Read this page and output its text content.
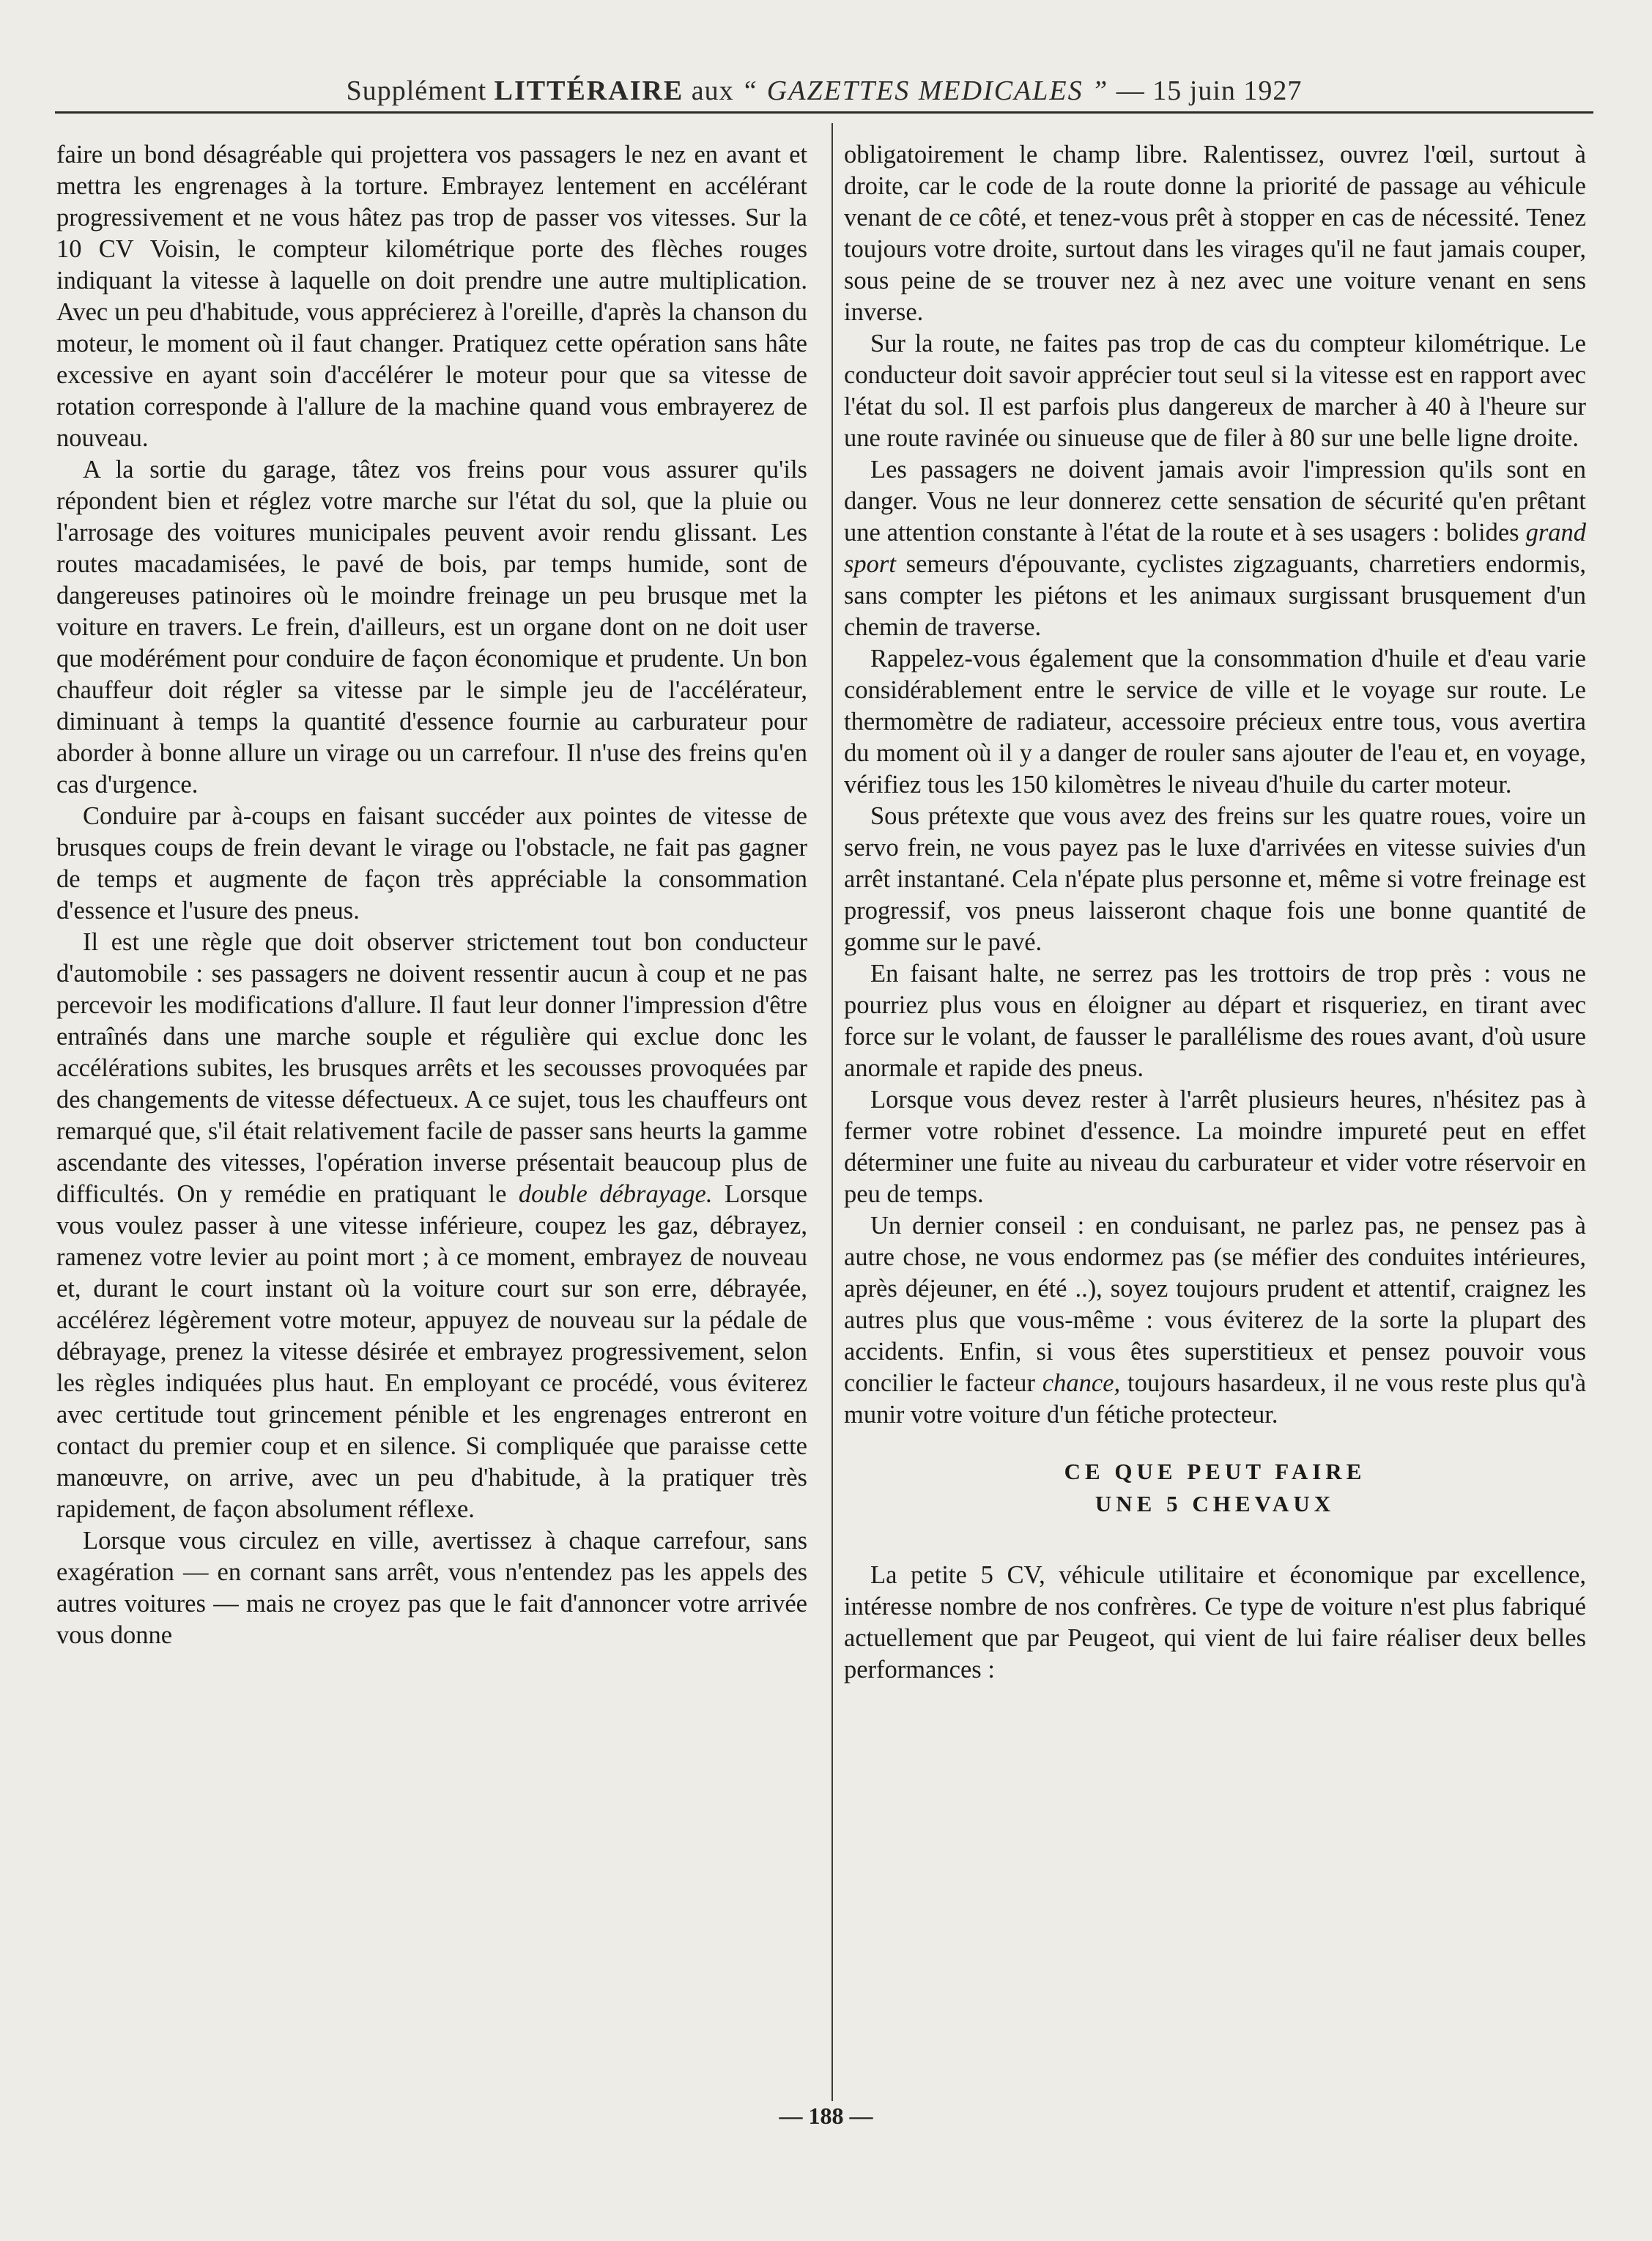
Supplément LITTÉRAIRE aux “ GAZETTES MEDICALES ” — 15 juin 1927

faire un bond désagréable qui projettera vos passagers le nez en avant et mettra les engrenages à la torture. Embrayez lentement en accélérant progressivement et ne vous hâtez pas trop de passer vos vitesses. Sur la 10 CV Voisin, le compteur kilométrique porte des flèches rouges indiquant la vitesse à laquelle on doit prendre une autre multiplication. Avec un peu d'habitude, vous apprécierez à l'oreille, d'après la chanson du moteur, le moment où il faut changer. Pratiquez cette opération sans hâte excessive en ayant soin d'accélérer le moteur pour que sa vitesse de rotation corresponde à l'allure de la machine quand vous embrayerez de nouveau.

A la sortie du garage, tâtez vos freins pour vous assurer qu'ils répondent bien et réglez votre marche sur l'état du sol, que la pluie ou l'arrosage des voitures municipales peuvent avoir rendu glissant. Les routes macadamisées, le pavé de bois, par temps humide, sont de dangereuses patinoires où le moindre freinage un peu brusque met la voiture en travers. Le frein, d'ailleurs, est un organe dont on ne doit user que modérément pour conduire de façon économique et prudente. Un bon chauffeur doit régler sa vitesse par le simple jeu de l'accélérateur, diminuant à temps la quantité d'essence fournie au carburateur pour aborder à bonne allure un virage ou un carrefour. Il n'use des freins qu'en cas d'urgence.

Conduire par à-coups en faisant succéder aux pointes de vitesse de brusques coups de frein devant le virage ou l'obstacle, ne fait pas gagner de temps et augmente de façon très appréciable la consommation d'essence et l'usure des pneus.

Il est une règle que doit observer strictement tout bon conducteur d'automobile : ses passagers ne doivent ressentir aucun à coup et ne pas percevoir les modifications d'allure. Il faut leur donner l'impression d'être entraînés dans une marche souple et régulière qui exclue donc les accélérations subites, les brusques arrêts et les secousses provoquées par des changements de vitesse défectueux. A ce sujet, tous les chauffeurs ont remarqué que, s'il était relativement facile de passer sans heurts la gamme ascendante des vitesses, l'opération inverse présentait beaucoup plus de difficultés. On y remédie en pratiquant le double débrayage. Lorsque vous voulez passer à une vitesse inférieure, coupez les gaz, débrayez, ramenez votre levier au point mort ; à ce moment, embrayez de nouveau et, durant le court instant où la voiture court sur son erre, débrayée, accélérez légèrement votre moteur, appuyez de nouveau sur la pédale de débrayage, prenez la vitesse désirée et embrayez progressivement, selon les règles indiquées plus haut. En employant ce procédé, vous éviterez avec certitude tout grincement pénible et les engrenages entreront en contact du premier coup et en silence. Si compliquée que paraisse cette manœuvre, on arrive, avec un peu d'habitude, à la pratiquer très rapidement, de façon absolument réflexe.

Lorsque vous circulez en ville, avertissez à chaque carrefour, sans exagération — en cornant sans arrêt, vous n'entendez pas les appels des autres voitures — mais ne croyez pas que le fait d'annoncer votre arrivée vous donne

obligatoirement le champ libre. Ralentissez, ouvrez l'œil, surtout à droite, car le code de la route donne la priorité de passage au véhicule venant de ce côté, et tenez-vous prêt à stopper en cas de nécessité. Tenez toujours votre droite, surtout dans les virages qu'il ne faut jamais couper, sous peine de se trouver nez à nez avec une voiture venant en sens inverse.

Sur la route, ne faites pas trop de cas du compteur kilométrique. Le conducteur doit savoir apprécier tout seul si la vitesse est en rapport avec l'état du sol. Il est parfois plus dangereux de marcher à 40 à l'heure sur une route ravinée ou sinueuse que de filer à 80 sur une belle ligne droite.

Les passagers ne doivent jamais avoir l'impression qu'ils sont en danger. Vous ne leur donnerez cette sensation de sécurité qu'en prêtant une attention constante à l'état de la route et à ses usagers : bolides grand sport semeurs d'épouvante, cyclistes zigzaguants, charretiers endormis, sans compter les piétons et les animaux surgissant brusquement d'un chemin de traverse.

Rappelez-vous également que la consommation d'huile et d'eau varie considérablement entre le service de ville et le voyage sur route. Le thermomètre de radiateur, accessoire précieux entre tous, vous avertira du moment où il y a danger de rouler sans ajouter de l'eau et, en voyage, vérifiez tous les 150 kilomètres le niveau d'huile du carter moteur.

Sous prétexte que vous avez des freins sur les quatre roues, voire un servo frein, ne vous payez pas le luxe d'arrivées en vitesse suivies d'un arrêt instantané. Cela n'épate plus personne et, même si votre freinage est progressif, vos pneus laisseront chaque fois une bonne quantité de gomme sur le pavé.

En faisant halte, ne serrez pas les trottoirs de trop près : vous ne pourriez plus vous en éloigner au départ et risqueriez, en tirant avec force sur le volant, de fausser le parallélisme des roues avant, d'où usure anormale et rapide des pneus.

Lorsque vous devez rester à l'arrêt plusieurs heures, n'hésitez pas à fermer votre robinet d'essence. La moindre impureté peut en effet déterminer une fuite au niveau du carburateur et vider votre réservoir en peu de temps.

Un dernier conseil : en conduisant, ne parlez pas, ne pensez pas à autre chose, ne vous endormez pas (se méfier des conduites intérieures, après déjeuner, en été ..), soyez toujours prudent et attentif, craignez les autres plus que vous-même : vous éviterez de la sorte la plupart des accidents. Enfin, si vous êtes superstitieux et pensez pouvoir vous concilier le facteur chance, toujours hasardeux, il ne vous reste plus qu'à munir votre voiture d'un fétiche protecteur.

CE QUE PEUT FAIRE
UNE 5 CHEVAUX

La petite 5 CV, véhicule utilitaire et économique par excellence, intéresse nombre de nos confrères. Ce type de voiture n'est plus fabriqué actuellement que par Peugeot, qui vient de lui faire réaliser deux belles performances :

— 188 —
